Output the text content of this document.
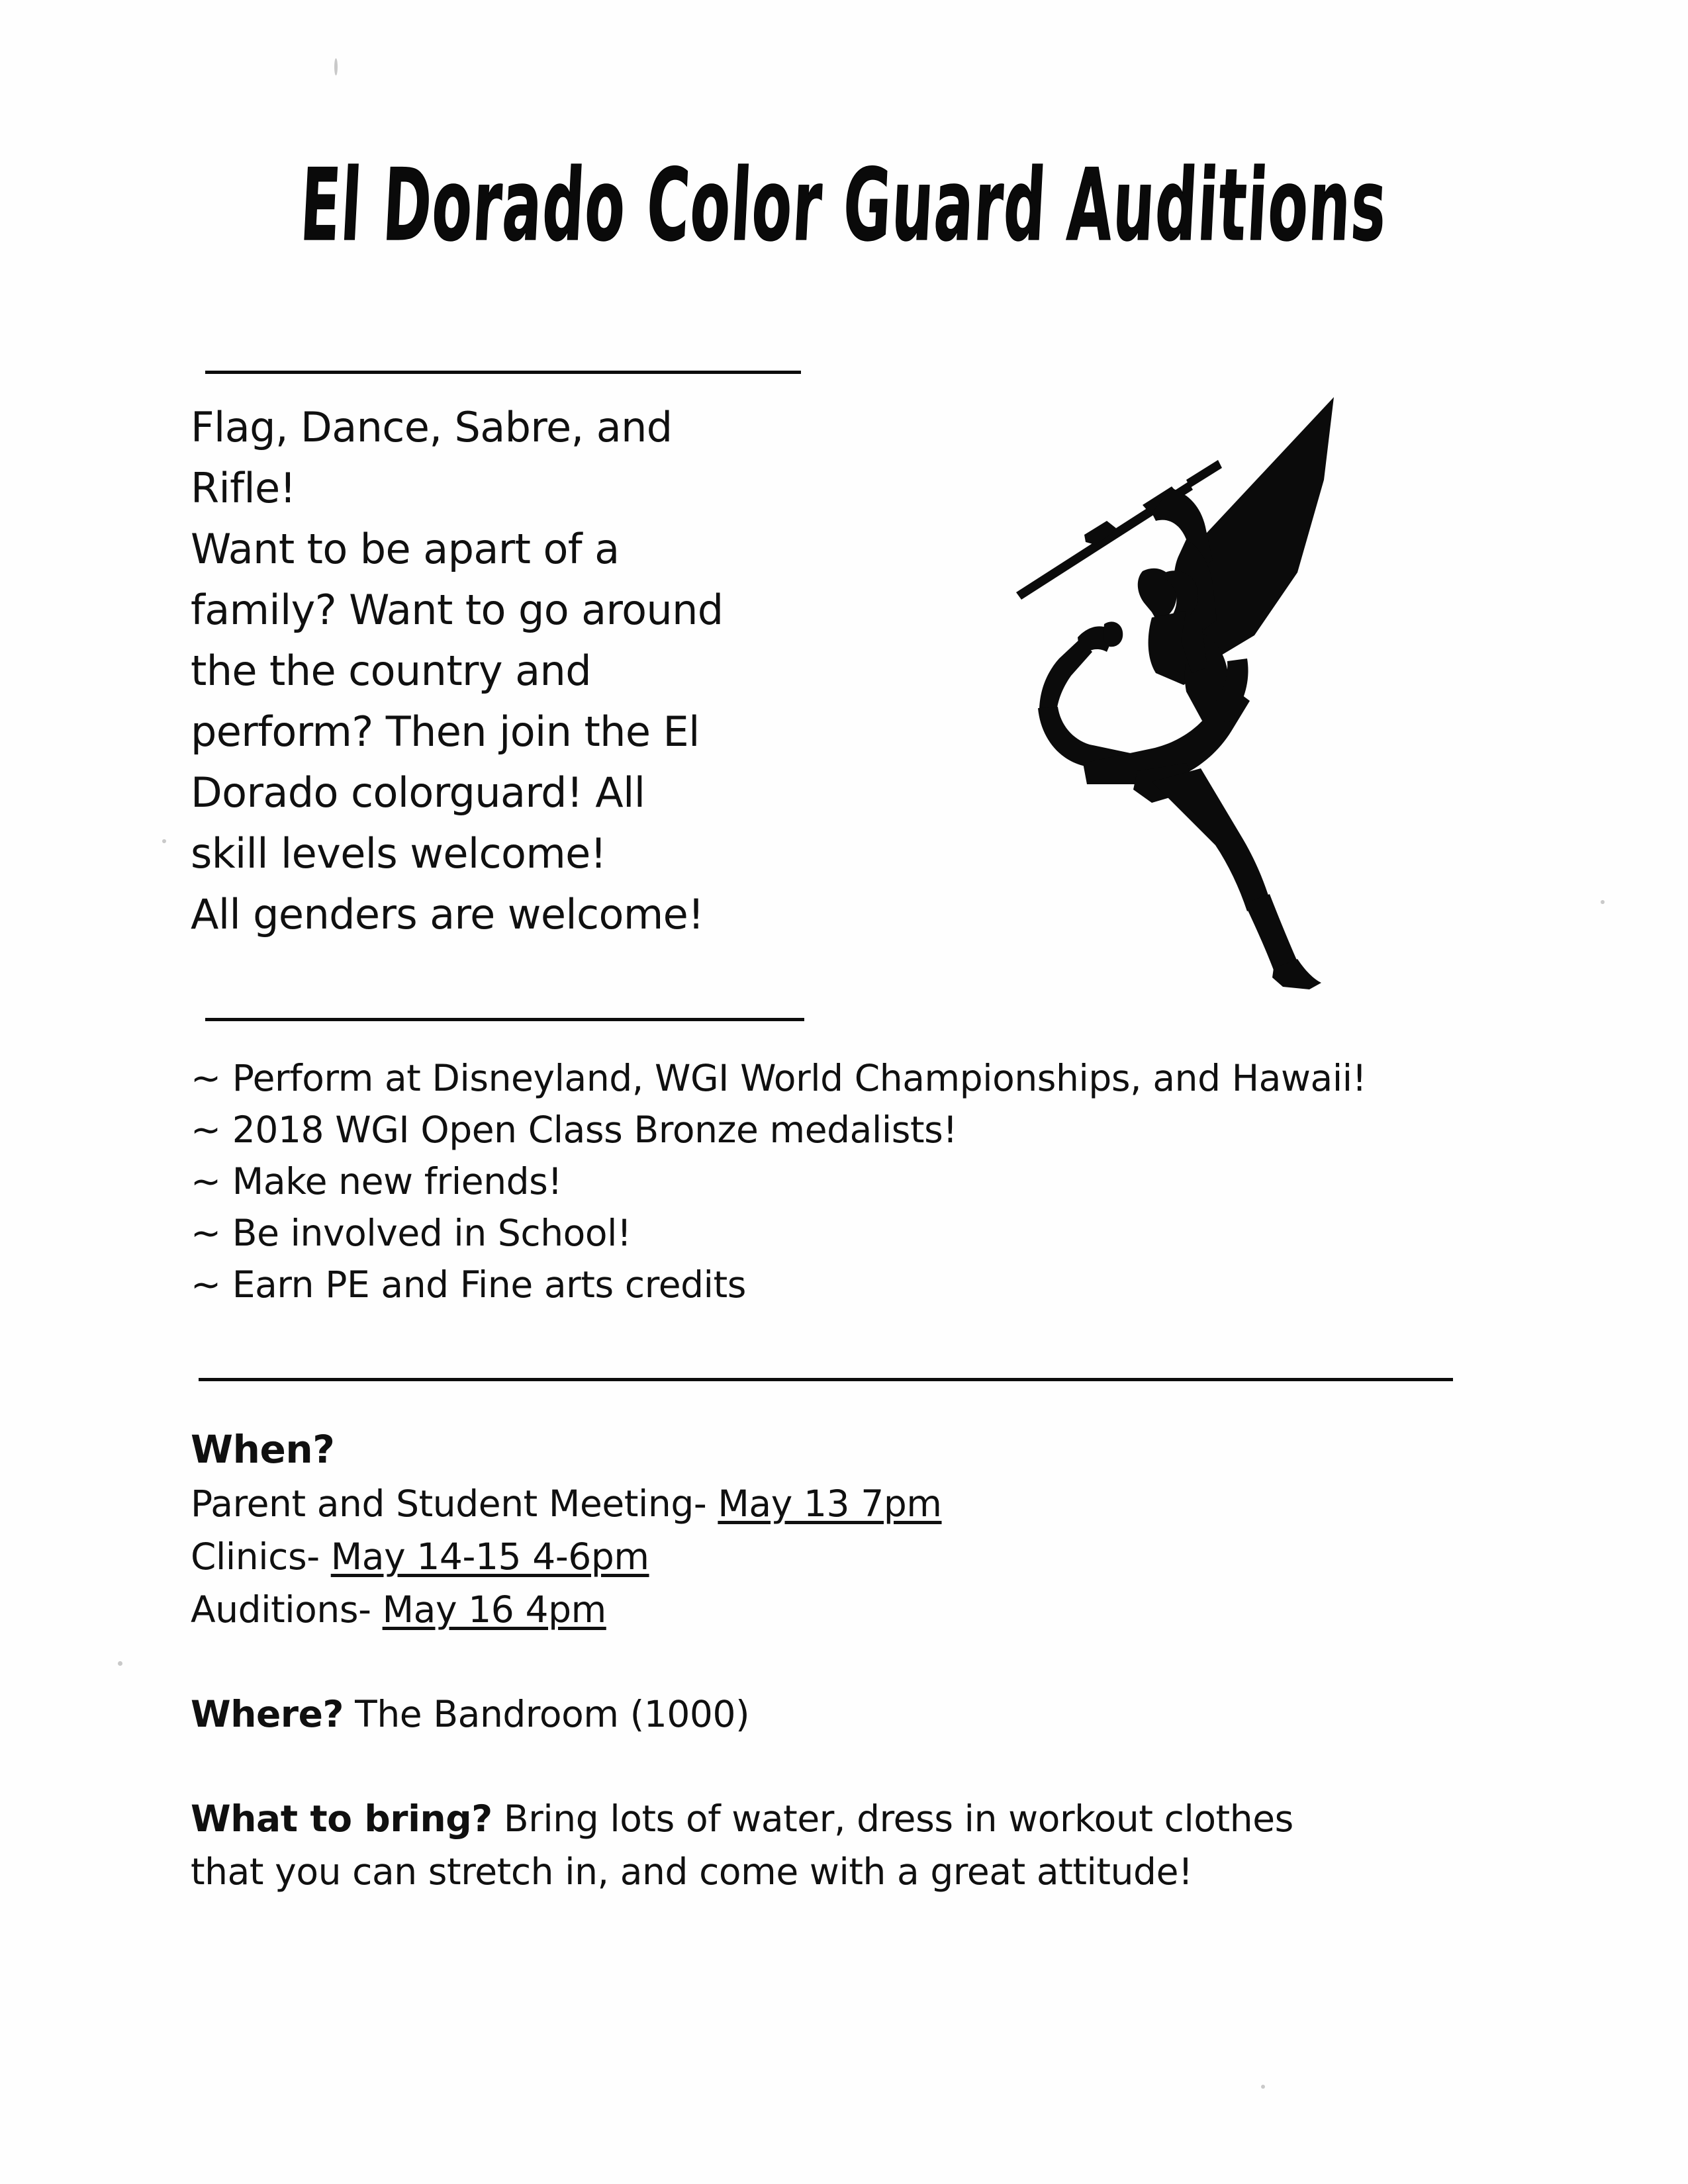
El Dorado Color Guard Auditions

Flag, Dance, Sabre, and

Rifle!

Want to be apart of a

family? Want to go around

the the country and

perform? Then join the El

Dorado colorguard! All

skill levels welcome!

All genders are welcome!

~ Perform at Disneyland, WGI World Championships, and Hawaii!
~ 2018 WGI Open Class Bronze medalists!
~ Make new friends!
~ Be involved in School!
~ Earn PE and Fine arts credits
When?
Parent and Student Meeting- May 13 7pm
Clinics- May 14-15 4-6pm
Auditions- May 16 4pm
Where? The Bandroom (1000)
What to bring? Bring lots of water, dress in workout clothes
that you can stretch in, and come with a great attitude!
